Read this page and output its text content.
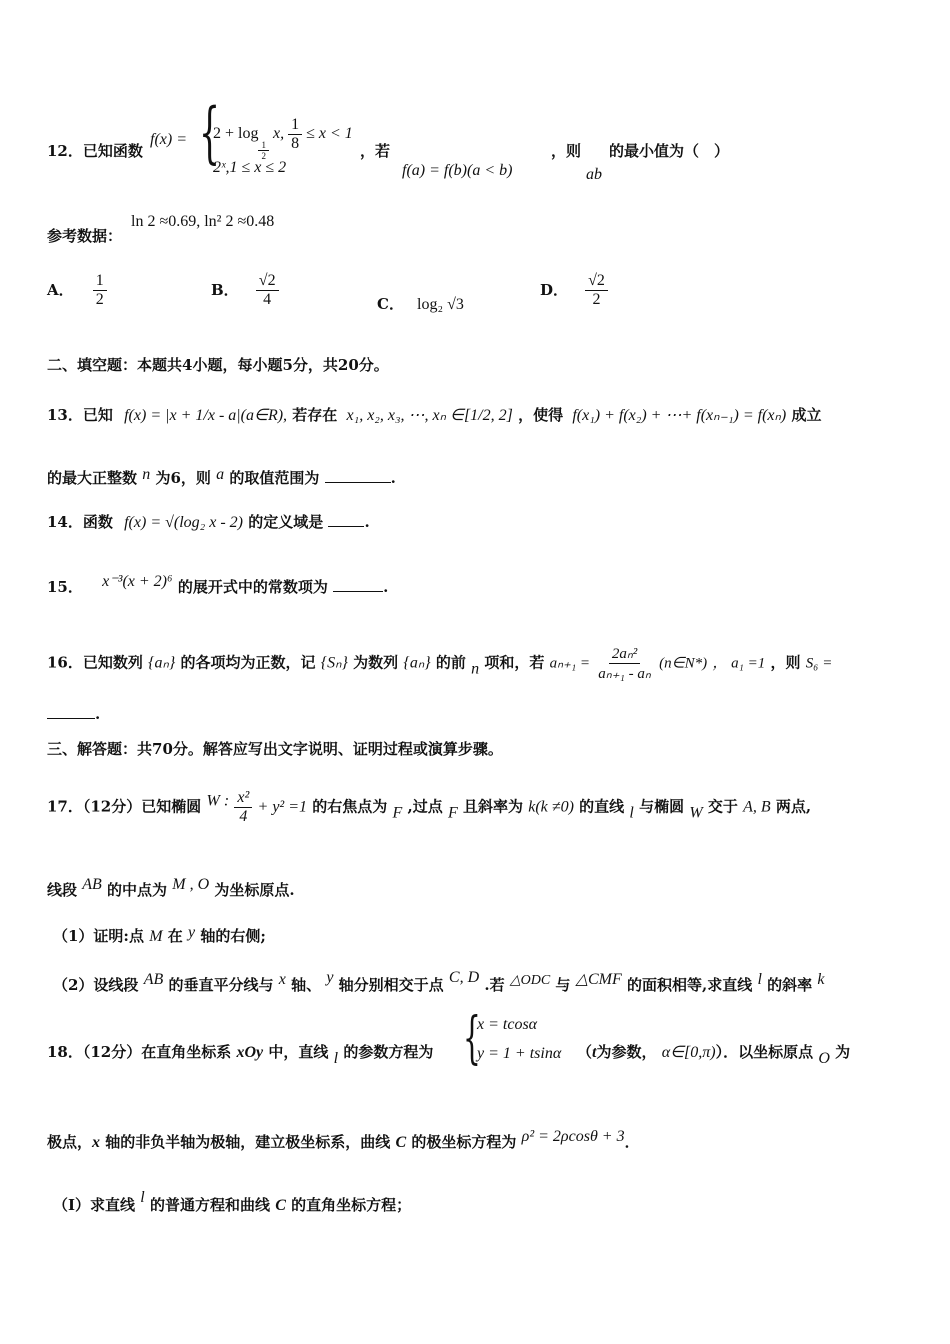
12．已知函数
f(x) = {
2 + log
$\frac{1}{2}$
x, $\frac{1}{8} \le x < 1$
2ˣ,1 ≤ x ≤ 2
，若
f(a) = f(b)(a < b)
，则
ab
的最小值为（　）
参考数据：
ln 2 ≈0.69, ln² 2 ≈0.48
A． $\frac{1}{2}$	B． $\frac{√2}{4}$	C． log₂ √3
D． $\frac{√2}{2}$
二、填空题：本题共4小题，每小题5分，共20分。
13．已知 f(x) = |x + 1/x - a|(a∈R), 若存在 x₁, x₂, x₃, ⋯, xₙ ∈[1/2, 2] ，使得 f(x₁) + f(x₂) + ⋯+ f(xₙ₋₁) = f(xₙ) 成立
的最大正整数 n 为6，则 a 的取值范围为	.
14．函数 f(x) = √(log₂ x - 2) 的定义域是	.
15． x⁻³(x + 2)⁶ 的展开式中的常数项为	.
16．已知数列 {aₙ} 的各项均为正数，记 {Sₙ} 为数列 {aₙ} 的前 n 项和，若 $a_{n+1} = \frac{\text{2aₙ²}}{\text{aₙ₊₁ - aₙ}}$ (n∈N*) ， a₁ =1 ，则 S₆ =
.
三、解答题：共70分。解答应写出文字说明、证明过程或演算步骤。
17．（12分）已知椭圆 W : $\frac{\text{x²}}{4} + y^2 =1$ 的右焦点为 F ,过点 F 且斜率为 k(k ≠0) 的直线 l 与椭圆 W 交于 A, B 两点,
线段 AB 的中点为 M , O 为坐标原点.
（1）证明:点 M 在 y 轴的右侧;
（2）设线段 AB 的垂直平分线与 x 轴、 y 轴分别相交于点 C, D .若 △ODC 与 △CMF 的面积相等,求直线 l 的斜率 k
18．（12分）在直角坐标系 xOy 中，直线 l 的参数方程为 {
x = tcosα
y = 1 + tsinα （t为参数， α∈[0,π)）．以坐标原点 O 为
极点，x 轴的非负半轴为极轴，建立极坐标系，曲线 C 的极坐标方程为 ρ² = 2ρcosθ + 3．
（I）求直线 l 的普通方程和曲线 C 的直角坐标方程；
